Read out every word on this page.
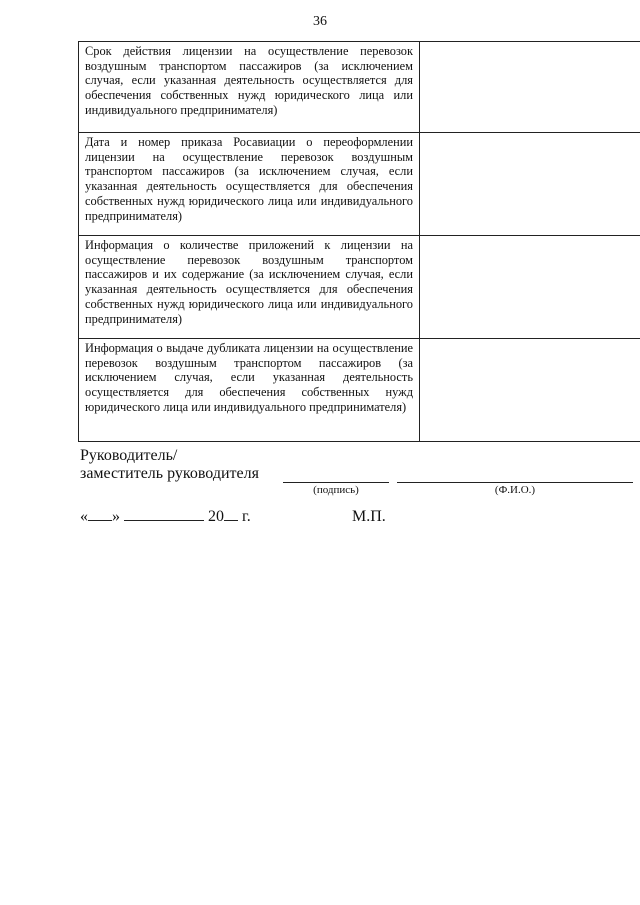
36
Срок действия лицензии на осуществление перевозок воздушным транспортом пассажиров (за исключением случая, если указанная деятельность осуществляется для обеспечения собственных нужд юридического лица или индивидуального предпринимателя)	
Дата и номер приказа Росавиации о переоформлении лицензии на осуществление перевозок воздушным транспортом пассажиров (за исключением случая, если указанная деятельность осуществляется для обеспечения собственных нужд юридического лица или индивидуального предпринимателя)	
Информация о количестве приложений к лицензии на осуществление перевозок воздушным транспортом пассажиров и их содержание (за исключением случая, если указанная деятельность осуществляется для обеспечения собственных нужд юридического лица или индивидуального предпринимателя)	
Информация о выдаче дубликата лицензии на осуществление перевозок воздушным транспортом пассажиров (за исключением случая, если указанная деятельность осуществляется для обеспечения собственных нужд юридического лица или индивидуального предпринимателя)	
Руководитель/
заместитель руководителя
(подпись)	(Ф.И.О.)
« »	20 г.	М.П.
